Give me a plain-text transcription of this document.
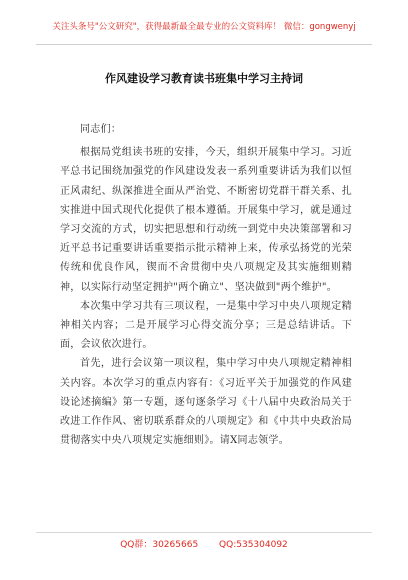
关注头条号"公文研究"，获得最新最全最专业的公文资料库！ 微信：gongwenyj
作风建设学习教育读书班集中学习主持词

同志们：

根据局党组读书班的安排，今天，组织开展集中学习。习近平总书记围绕加强党的作风建设发表一系列重要讲话为我们以恒正风肃纪、纵深推进全面从严治党、不断密切党群干群关系、扎实推进中国式现代化提供了根本遵循。开展集中学习，就是通过学习交流的方式，切实把思想和行动统一到党中央决策部署和习近平总书记重要讲话重要指示批示精神上来，传承弘扬党的光荣传统和优良作风，锲而不舍贯彻中央八项规定及其实施细则精神，以实际行动坚定拥护"两个确立"、坚决做到"两个维护"。

本次集中学习共有三项议程，一是集中学习中央八项规定精神相关内容；二是开展学习心得交流分享；三是总结讲话。下面，会议依次进行。

首先，进行会议第一项议程，集中学习中央八项规定精神相关内容。本次学习的重点内容有：《习近平关于加强党的作风建设论述摘编》第一专题，逐句逐条学习《十八届中央政治局关于改进工作作风、密切联系群众的八项规定》和《中共中央政治局贯彻落实中央八项规定实施细则》。请X同志领学。

QQ群：30265665 QQ:535304092
